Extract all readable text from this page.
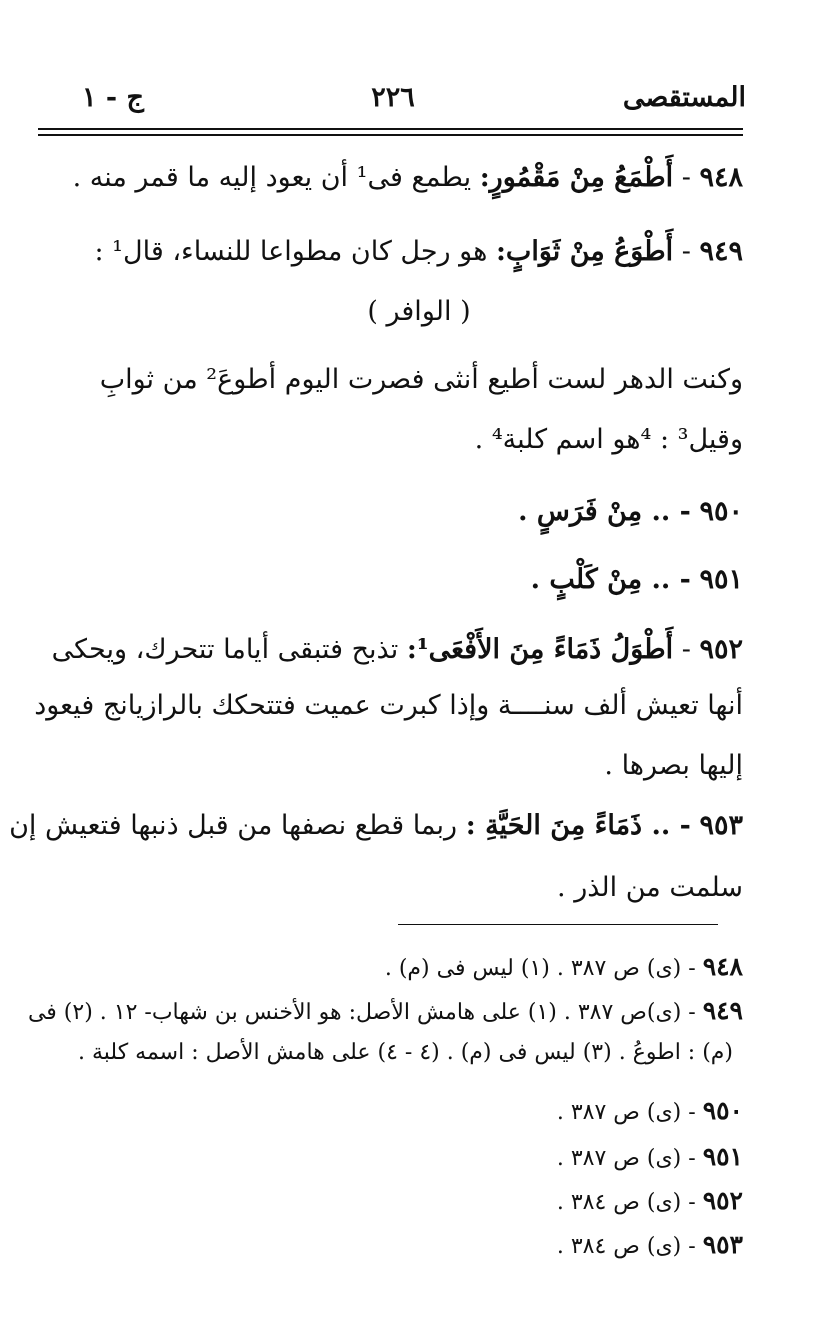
المستقصى
٢٢٦
ج - ١
٩٤٨ - أَطْمَعُ مِنْ مَقْمُورٍ: يطمع فى¹ أن يعود إليه ما قمر منه .
٩٤٩ - أَطْوَعُ مِنْ ثَوَابٍ: هو رجل كان مطواعا للنساء، قال¹ :
( الوافر )
وكنت الدهر لست أطيع أنثى فصرت اليوم أطوعَ² من ثوابِ
وقيل³ : ⁴هو اسم كلبة⁴ .
٩٥٠ - .. مِنْ فَرَسٍ .
٩٥١ - .. مِنْ كَلْبٍ .
٩٥٢ - أَطْوَلُ ذَمَاءً مِنَ الأَفْعَى¹: تذبح فتبقى أياما تتحرك، ويحكى
أنها تعيش ألف سنــــة وإذا كبرت عميت فتتحكك بالرازيانج فيعود
إليها بصرها .
٩٥٣ - .. ذَمَاءً مِنَ الحَيَّةِ : ربما قطع نصفها من قبل ذنبها فتعيش إن
سلمت من الذر .
٩٤٨ - (ى) ص ٣٨٧ . (١) ليس فى (م) .
٩٤٩ - (ى)ص ٣٨٧ . (١) على هامش الأصل: هو الأخنس بن شهاب- ١٢ . (٢) فى
(م) : اطوعُ . (٣) ليس فى (م) . (٤ - ٤) على هامش الأصل : اسمه كلبة .
٩٥٠ - (ى) ص ٣٨٧ .
٩٥١ - (ى) ص ٣٨٧ .
٩٥٢ - (ى) ص ٣٨٤ .
٩٥٣ - (ى) ص ٣٨٤ .
